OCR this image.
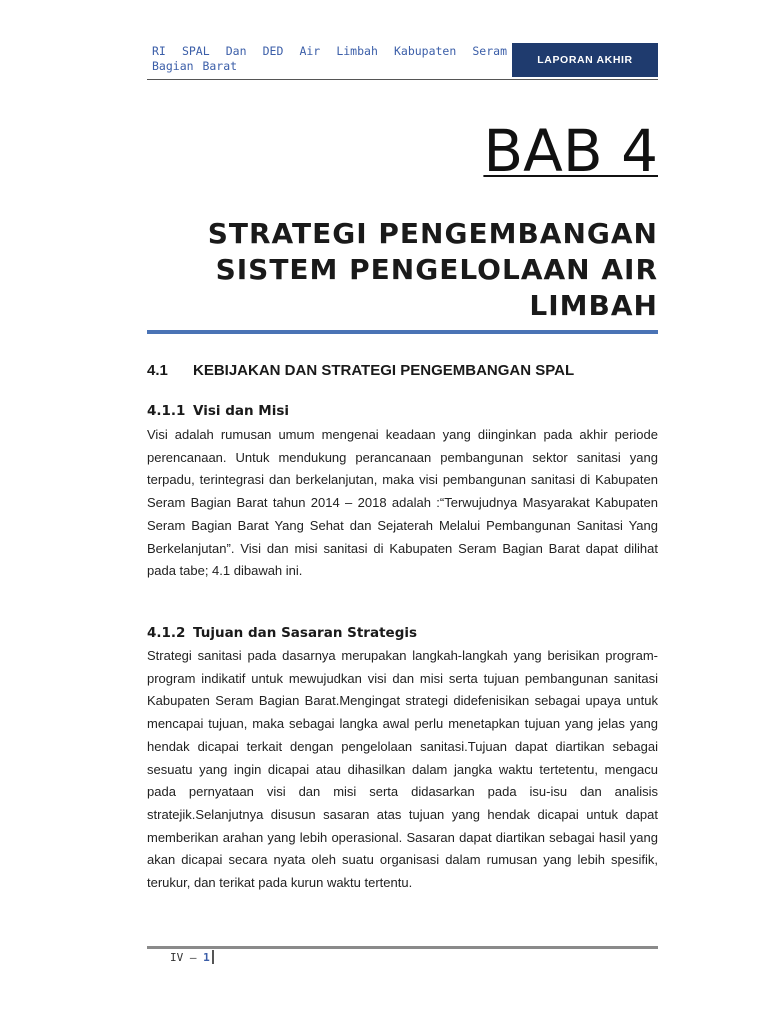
RI SPAL Dan DED Air Limbah Kabupaten Seram Bagian Barat	LAPORAN AKHIR
BAB 4
STRATEGI PENGEMBANGAN
SISTEM PENGELOLAAN AIR
LIMBAH
4.1 KEBIJAKAN DAN STRATEGI PENGEMBANGAN SPAL
4.1.1 Visi dan Misi
Visi adalah rumusan umum mengenai keadaan yang diinginkan pada akhir periode perencanaan. Untuk mendukung perancanaan pembangunan sektor sanitasi yang terpadu, terintegrasi dan berkelanjutan, maka visi pembangunan sanitasi di Kabupaten Seram Bagian Barat tahun 2014 – 2018 adalah :“Terwujudnya Masyarakat Kabupaten Seram Bagian Barat Yang Sehat dan Sejaterah Melalui Pembangunan Sanitasi Yang Berkelanjutan”. Visi dan misi sanitasi di Kabupaten Seram Bagian Barat dapat dilihat pada tabe; 4.1 dibawah ini.
4.1.2 Tujuan dan Sasaran Strategis
Strategi sanitasi pada dasarnya merupakan langkah-langkah yang berisikan program-program indikatif untuk mewujudkan visi dan misi serta tujuan pembangunan sanitasi Kabupaten Seram Bagian Barat.Mengingat strategi didefenisikan sebagai upaya untuk mencapai tujuan, maka sebagai langka awal perlu menetapkan tujuan yang jelas yang hendak dicapai terkait dengan pengelolaan sanitasi.Tujuan dapat diartikan sebagai sesuatu yang ingin dicapai atau dihasilkan dalam jangka waktu tertetentu, mengacu pada pernyataan visi dan misi serta didasarkan pada isu-isu dan analisis stratejik.Selanjutnya disusun sasaran atas tujuan yang hendak dicapai untuk dapat memberikan arahan yang lebih operasional. Sasaran dapat diartikan sebagai hasil yang akan dicapai secara nyata oleh suatu organisasi dalam rumusan yang lebih spesifik, terukur, dan terikat pada kurun waktu tertentu.
IV – 1
